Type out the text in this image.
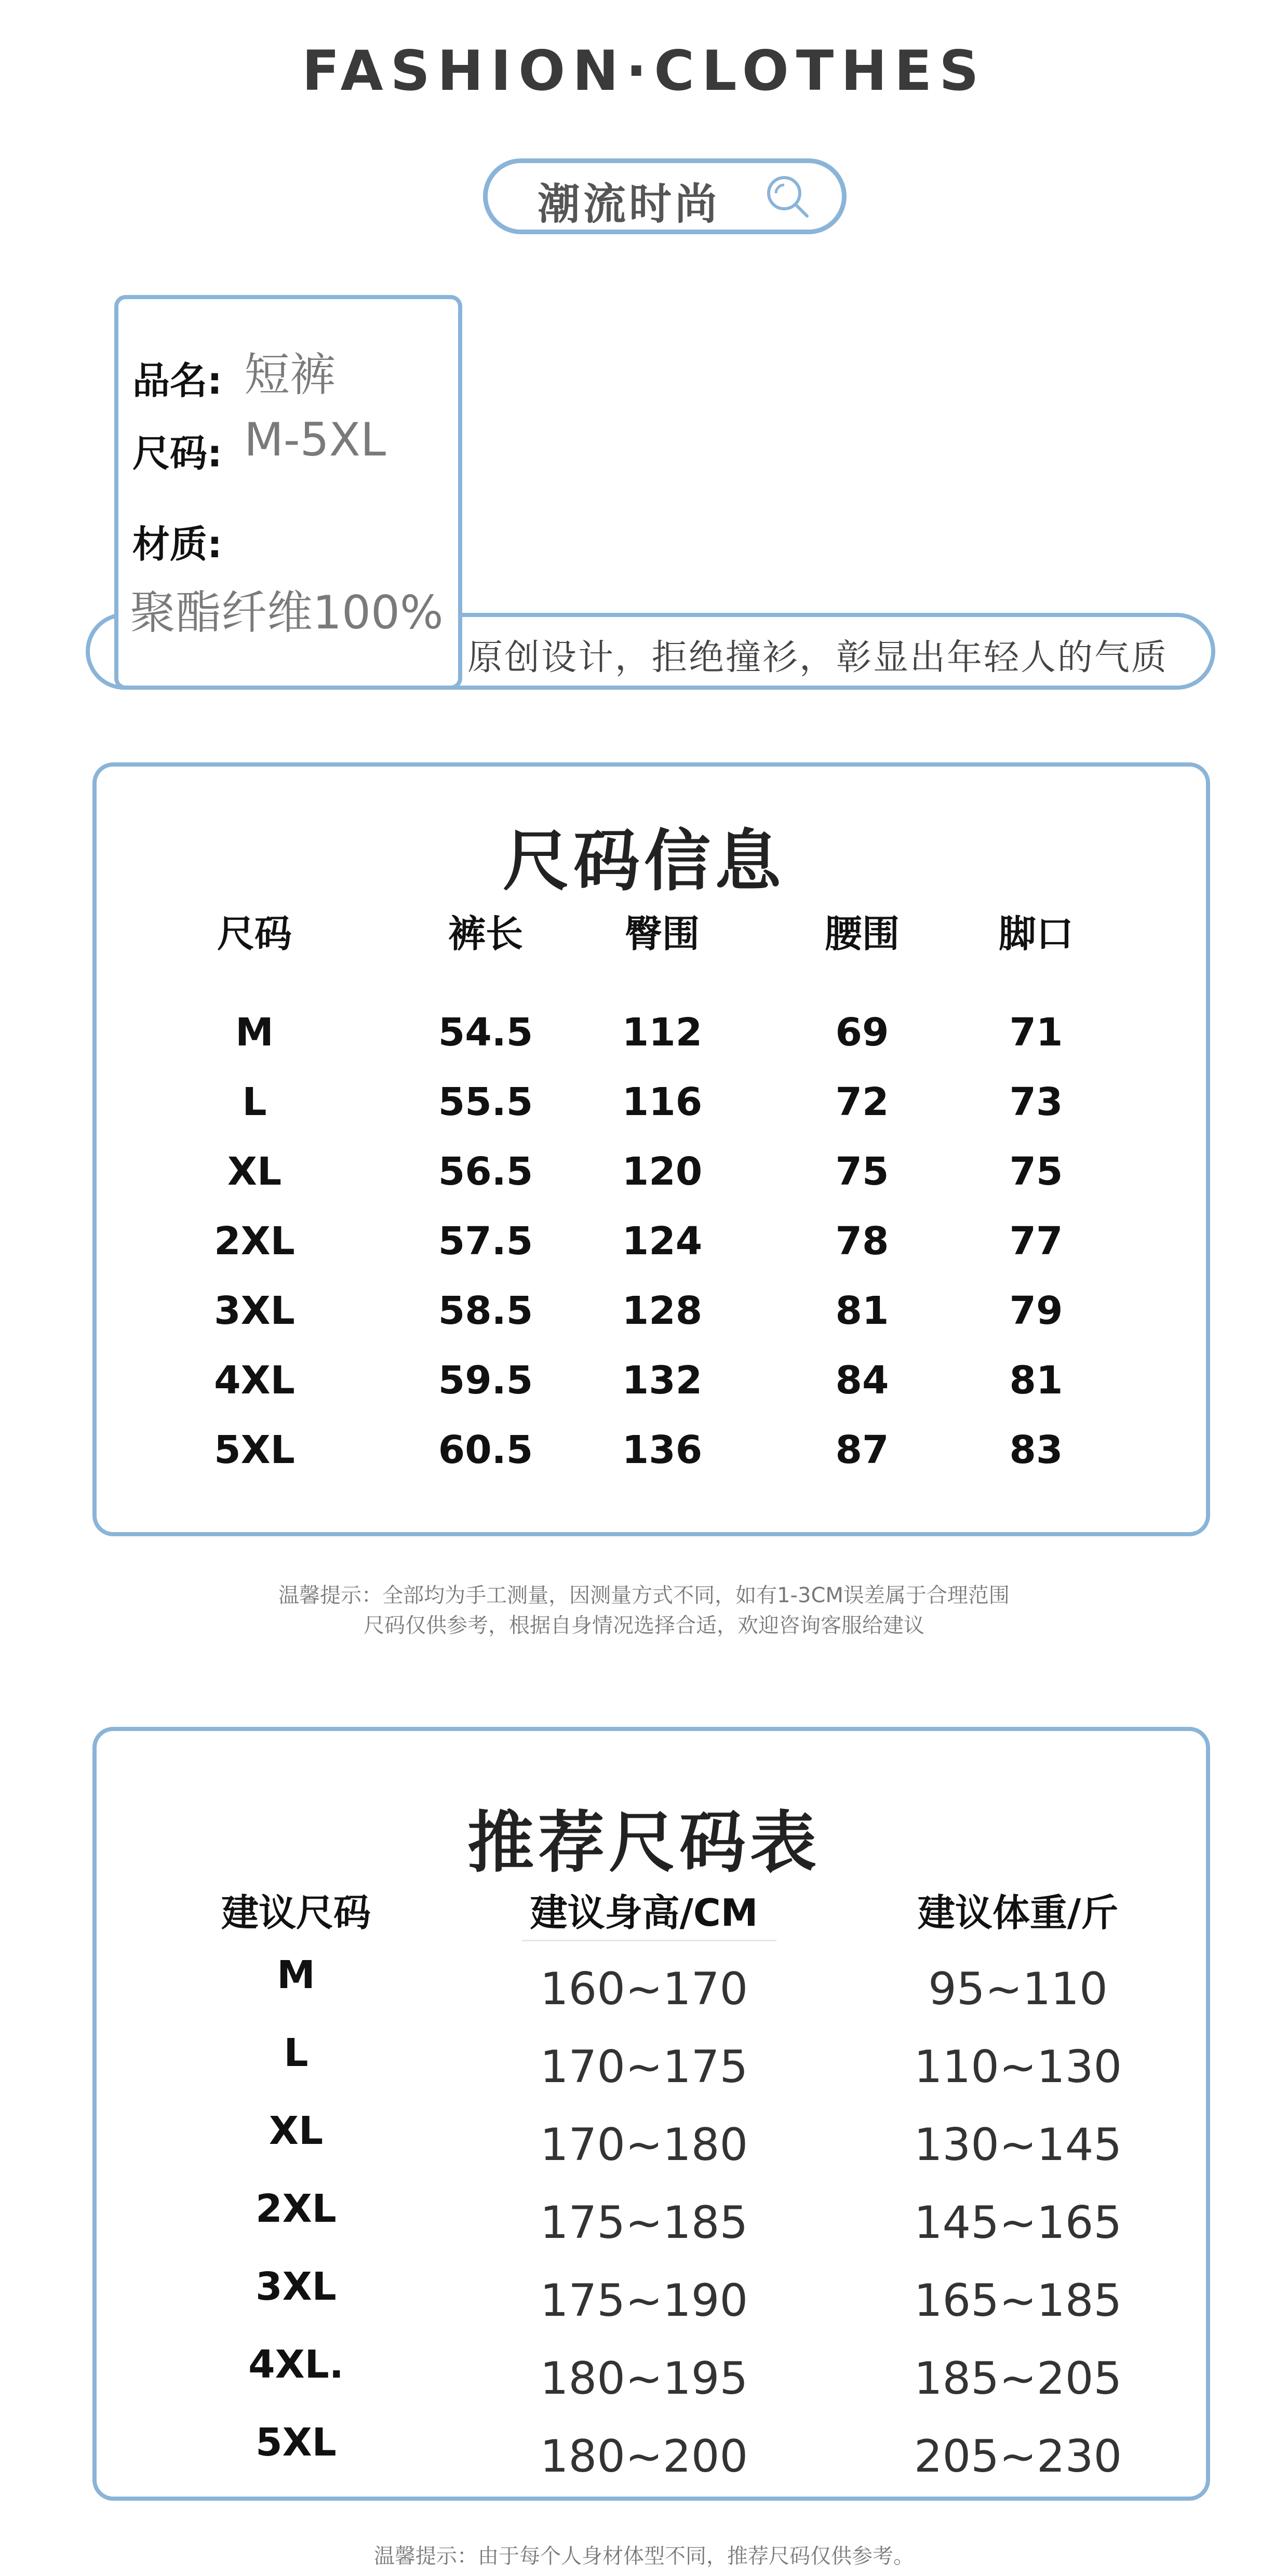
FASHION·CLOTHES
潮流时尚
原创设计，拒绝撞衫，彰显出年轻人的气质
品名: 短裤
尺码: M-5XL
材质:
聚酯纤维100%
尺码信息
温馨提示：全部均为手工测量，因测量方式不同，如有1-3CM误差属于合理范围
尺码仅供参考，根据自身情况选择合适，欢迎咨询客服给建议
推荐尺码表
温馨提示：由于每个人身材体型不同，推荐尺码仅供参考。
尺码	裤长	臀围	腰围	脚口
M	54.5	112	69	71
L	55.5	116	72	73
XL	56.5	120	75	75
2XL	57.5	124	78	77
3XL	58.5	128	81	79
4XL	59.5	132	84	81
5XL	60.5	136	87	83
建议尺码	建议身高/CM	建议体重/斤
M	160~170	95~110
L	170~175	110~130
XL	170~180	130~145
2XL	175~185	145~165
3XL	175~190	165~185
4XL.	180~195	185~205
5XL	180~200	205~230
